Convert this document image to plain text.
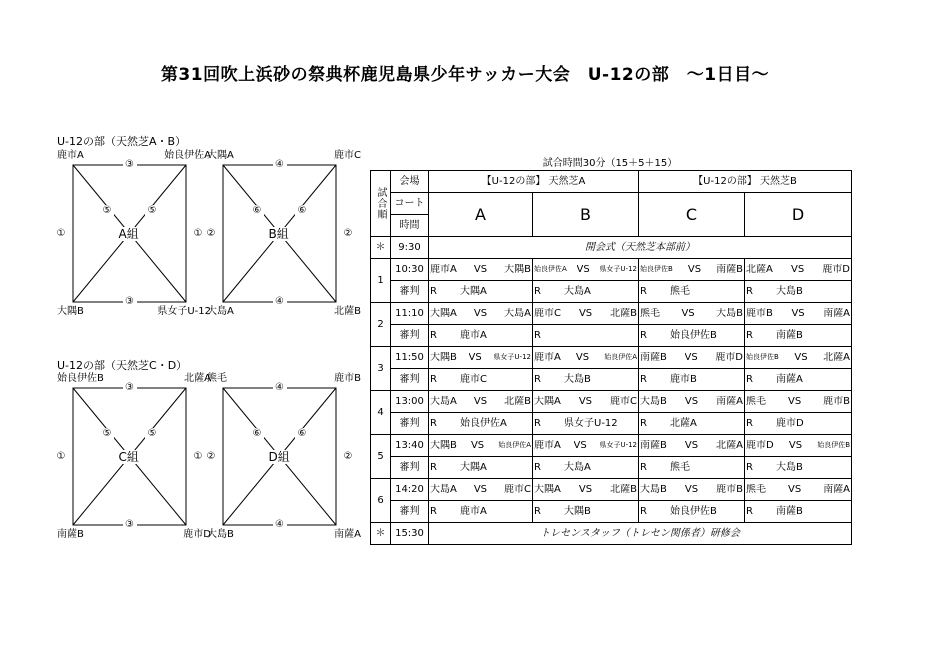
第31回吹上浜砂の祭典杯鹿児島県少年サッカー大会　U-12の部　～1日目～
U-12の部（天然芝A・B）
U-12の部（天然芝C・D）
鹿市A	始良伊佐A
大隅B	県女子U-12
③
③
①	①
⑤	⑤
A組
大隅A	鹿市C
大島A	北薩B
④
④
②	②
⑥	⑥
B組
始良伊佐B	北薩A
南薩B	鹿市D
③
③
①	①
⑤	⑤
C組
熊毛	鹿市B
大島B	南薩A
④
④
②	②
⑥	⑥
D組
試合時間30分（15＋5＋15）
試合順	会場	【U-12の部】 天然芝A		【U-12の部】 天然芝B	
	コート	A	B	C	D
	時間				
＊	9:30	開会式（天然芝本部前）			
1	10:30	鹿市A VS 大隅B	始良伊佐A VS 県女子U-12	始良伊佐B VS 南薩B	北薩A VS 鹿市D

	審判	R 大隅A	R 大島A	R 熊毛	R 大島B

2	11:10	大隅A VS 大島A	鹿市C VS 北薩B	熊毛 VS 大島B	鹿市B VS 南薩A

	審判	R 鹿市A	R	R 始良伊佐B	R 南薩B

3	11:50	大隅B VS 県女子U-12	鹿市A VS 始良伊佐A	南薩B VS 鹿市D	始良伊佐B VS 北薩A

	審判	R 鹿市C	R 大島B	R 鹿市B	R 南薩A

4	13:00	大島A VS 北薩B	大隅A VS 鹿市C	大島B VS 南薩A	熊毛 VS 鹿市B

	審判	R 始良伊佐A	R 県女子U-12	R 北薩A	R 鹿市D

5	13:40	大隅B VS 始良伊佐A	鹿市A VS 県女子U-12	南薩B VS 北薩A	鹿市D VS 始良伊佐B

	審判	R 大隅A	R 大島A	R 熊毛	R 大島B

6	14:20	大島A VS 鹿市C	大隅A VS 北薩B	大島B VS 鹿市B	熊毛 VS 南薩A

	審判	R 鹿市A	R 大隅B	R 始良伊佐B	R 南薩B

＊	15:30	トレセンスタッフ（トレセン関係者）研修会			
